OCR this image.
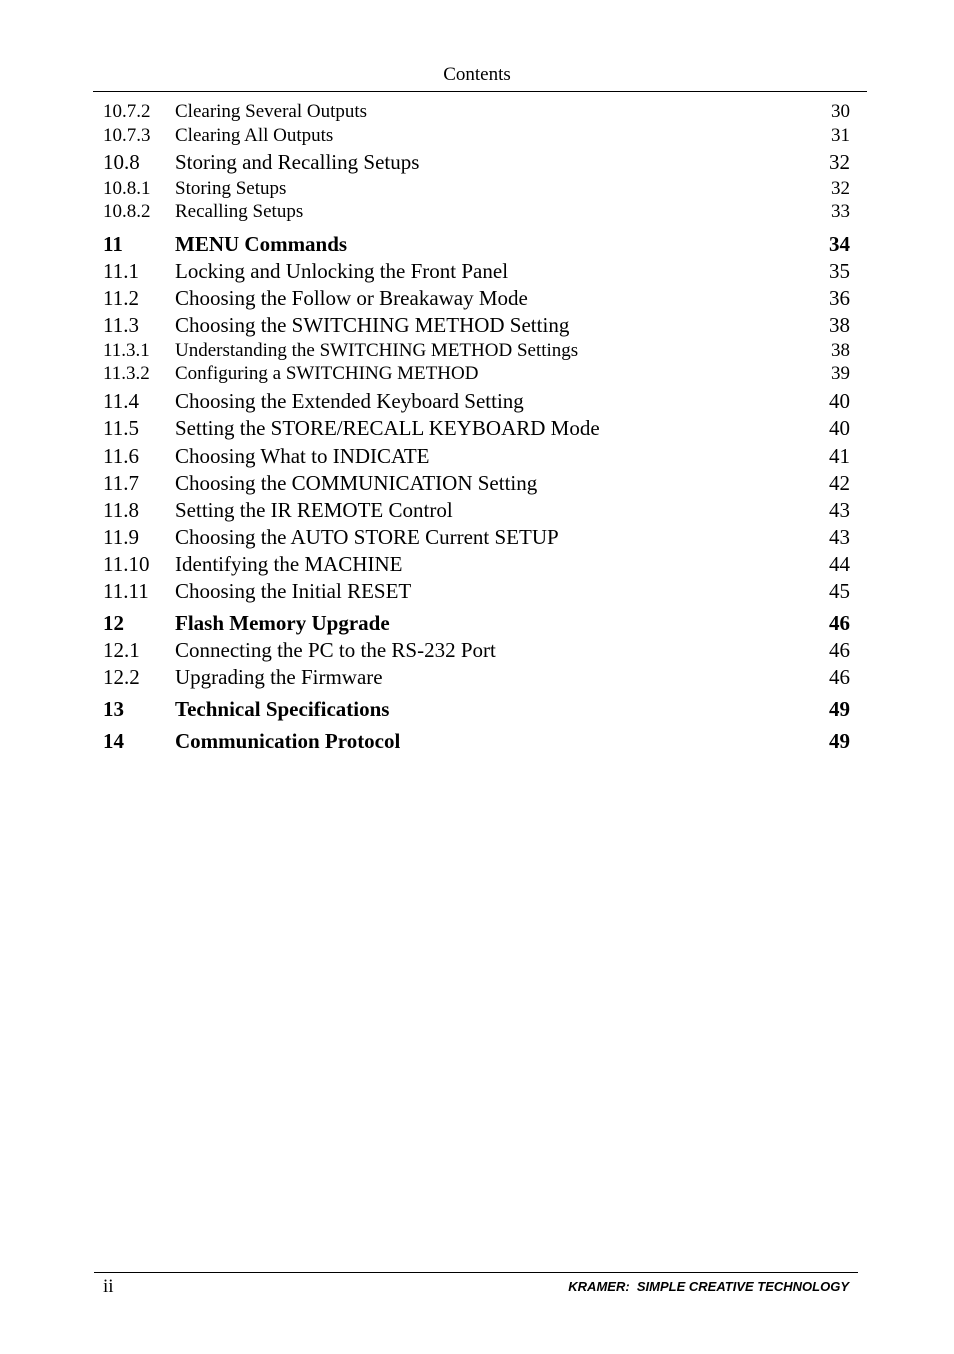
Contents
10.7.2 Clearing Several Outputs	30
10.7.3 Clearing All Outputs	31
10.8 Storing and Recalling Setups	32
10.8.1 Storing Setups	32
10.8.2 Recalling Setups	33
11 MENU Commands	34
11.1 Locking and Unlocking the Front Panel	35
11.2 Choosing the Follow or Breakaway Mode	36
11.3 Choosing the SWITCHING METHOD Setting	38
11.3.1 Understanding the SWITCHING METHOD Settings	38
11.3.2 Configuring a SWITCHING METHOD	39
11.4 Choosing the Extended Keyboard Setting	40
11.5 Setting the STORE/RECALL KEYBOARD Mode	40
11.6 Choosing What to INDICATE	41
11.7 Choosing the COMMUNICATION Setting	42
11.8 Setting the IR REMOTE Control	43
11.9 Choosing the AUTO STORE Current SETUP	43
11.10 Identifying the MACHINE	44
11.11 Choosing the Initial RESET	45
12 Flash Memory Upgrade	46
12.1 Connecting the PC to the RS-232 Port	46
12.2 Upgrading the Firmware	46
13 Technical Specifications	49
14 Communication Protocol	49
ii	KRAMER:  SIMPLE CREATIVE TECHNOLOGY
